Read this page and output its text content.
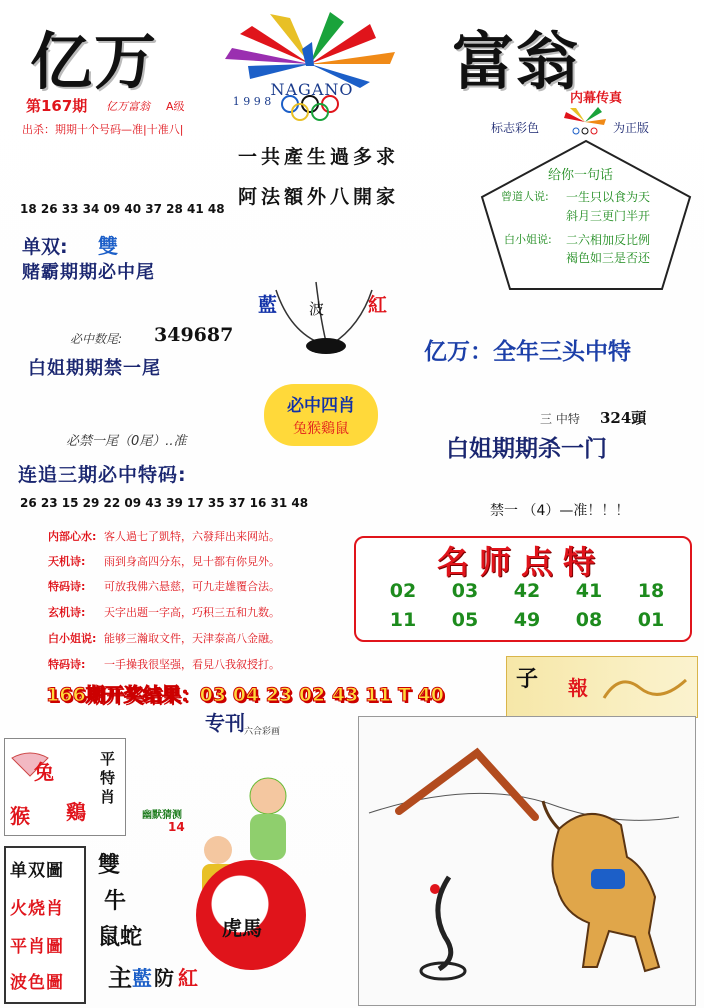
亿万	富翁
NAGANO
1 9 9 8
第167期 亿万富翁 A级
出杀：期期十个号码—准|十准八|
内幕传真
标志彩色	为正版
给你一句话
曾道人说: 一生只以食为天
斜月三更门半开
白小姐说: 二六相加反比例
褐色如三是否还
一共產生過多求
阿法額外八開家
18 26 33 34 09 40 37 28 41 48
单双: 雙
赌霸期期必中尾
藍 波 紅
必中数尾: 349687
白姐期期禁一尾
亿万：全年三头中特
必中四肖
兔猴鷄鼠
三 中特 324頭
白姐期期杀一门
必禁一尾（0尾）..准
连追三期必中特码:
26 23 15 29 22 09 43 39 17 35 37 16 31 48	禁一 （4）—准！！！
内部心水: 客人過七了凱特，六發拜出来网站。
天机诗: 雨到身高四分东，見十都有你見外。
特码诗: 可放我佛六悬慈，可九走雄覆合法。
玄机诗: 天字出题一字高，巧积三五和九数。
白小姐说: 能够三瀚取文件，天津泰高八金融。
特码诗: 一手操我很坚强，看見八我叙授打。
名师点特
02 03 42 41 18
11 05 49 08 01
166期开奖结果：03 04 23 02 43 11 T 40
子 報
专刊 六合彩画
兔
猴 鷄
平特肖
幽默猜测
14
单双圖
火烧肖
平肖圖
波色圖
雙
牛
鼠蛇	虎馬
主 藍 防 紅
